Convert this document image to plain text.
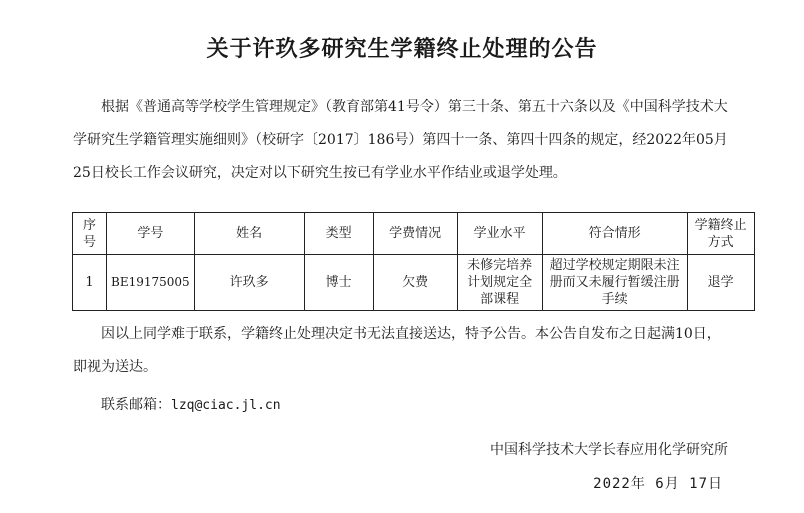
关于许玖多研究生学籍终止处理的公告
根据《普通高等学校学生管理规定》（教育部第41号令）第三十条、第五十六条以及《中国科学技术大学研究生学籍管理实施细则》（校研字〔2017〕186号）第四十一条、第四十四条的规定，经2022年05月25日校长工作会议研究，决定对以下研究生按已有学业水平作结业或退学处理。
序号	学号	姓名	类型	学费情况	学业水平	符合情形	学籍终止方式
1	BE19175005	许玖多	博士	欠费	未修完培养计划规定全部课程	超过学校规定期限未注册而又未履行暂缓注册手续	退学
因以上同学难于联系，学籍终止处理决定书无法直接送达，特予公告。本公告自发布之日起满10日，即视为送达。
联系邮箱：lzq@ciac.jl.cn
中国科学技术大学长春应用化学研究所
2022年 6月 17日
